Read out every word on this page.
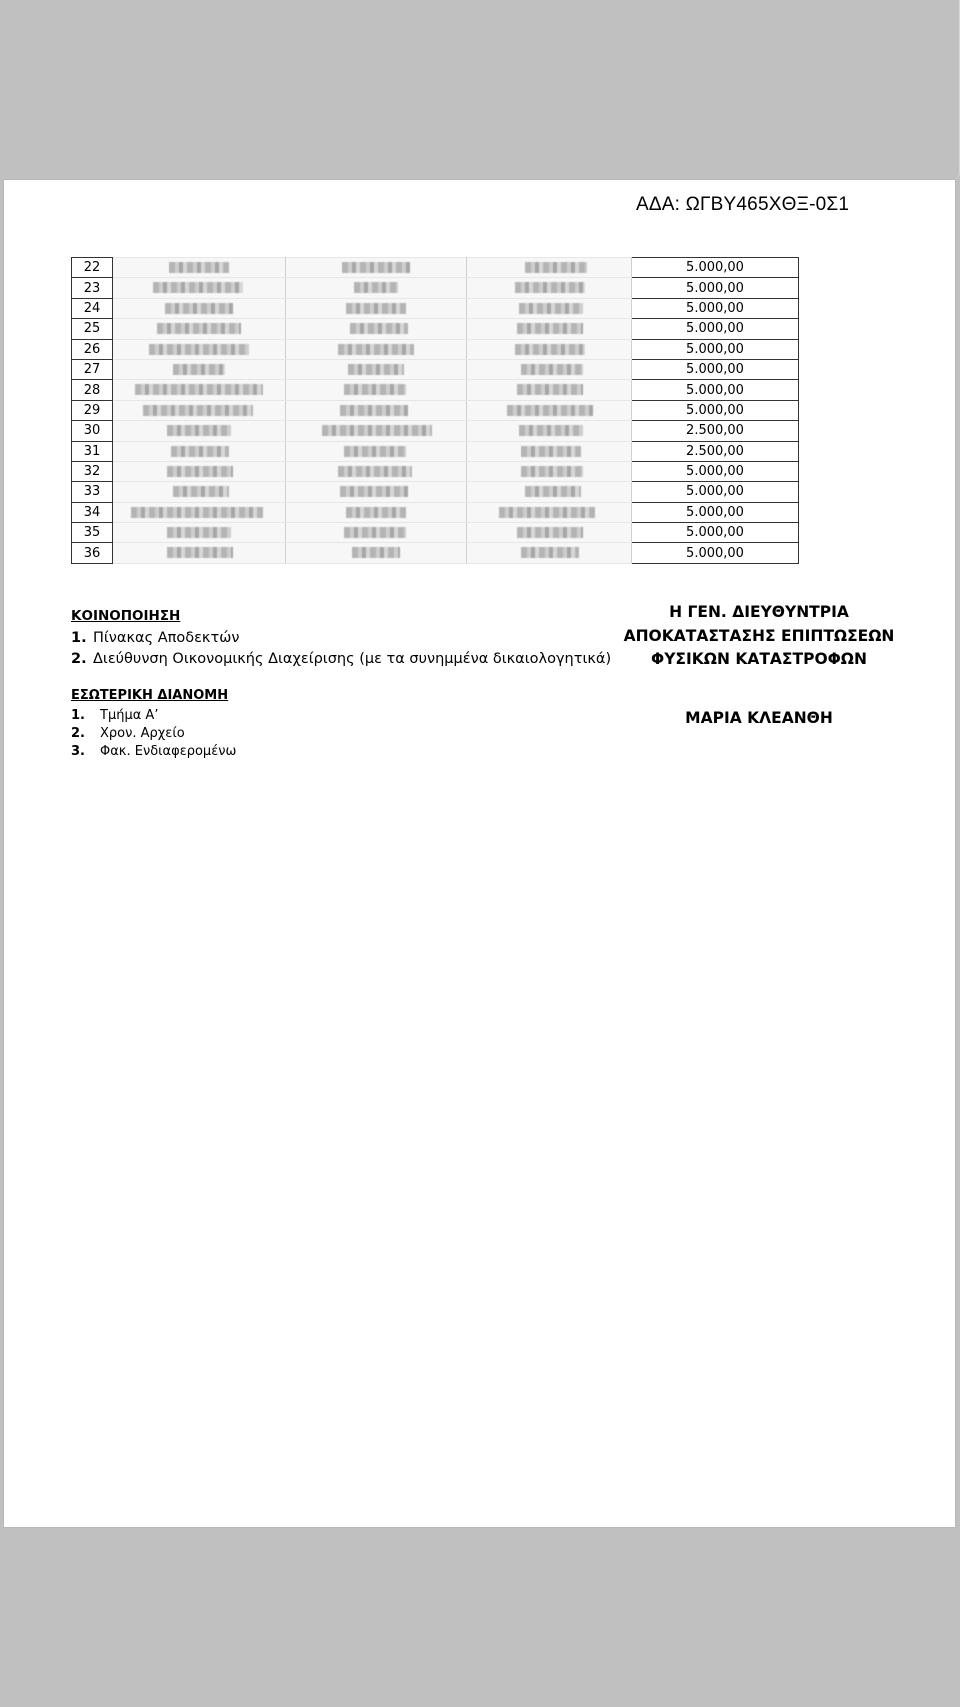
ΑΔΑ: ΩΓΒΥ465ΧΘΞ-0Σ1
22				5.000,00
23				5.000,00
24				5.000,00
25				5.000,00
26				5.000,00
27				5.000,00
28				5.000,00
29				5.000,00
30				2.500,00
31				2.500,00
32				5.000,00
33				5.000,00
34				5.000,00
35				5.000,00
36				5.000,00

ΚΟΙΝΟΠΟΙΗΣΗ

1. Πίνακας Αποδεκτών
2. Διεύθυνση Οικονομικής Διαχείρισης (με τα συνημμένα δικαιολογητικά)

ΕΣΩΤΕΡΙΚΗ ΔΙΑΝΟΜΗ

1. Τμήμα Α’
2. Χρον. Αρχείο
3. Φακ. Ενδιαφερομένω
Η ΓΕΝ. ΔΙΕΥΘΥΝΤΡΙΑ
ΑΠΟΚΑΤΑΣΤΑΣΗΣ ΕΠΙΠΤΩΣΕΩΝ
ΦΥΣΙΚΩΝ ΚΑΤΑΣΤΡΟΦΩΝ
ΜΑΡΙΑ ΚΛΕΑΝΘΗ
